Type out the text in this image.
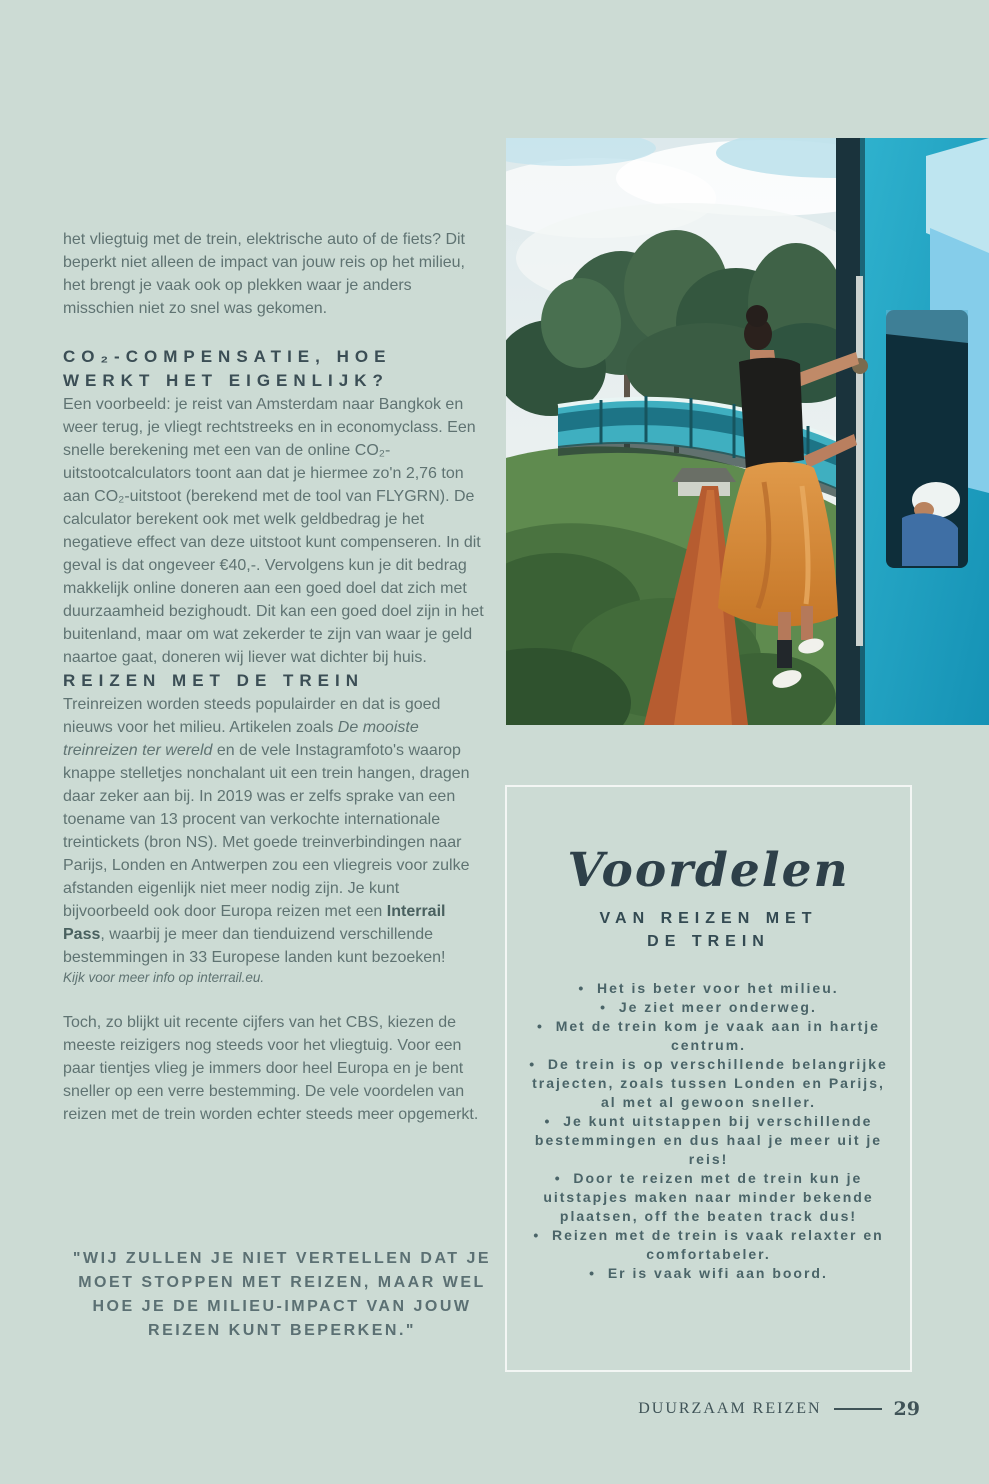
het vliegtuig met de trein, elektrische auto of de fiets? Dit beperkt niet alleen de impact van jouw reis op het milieu, het brengt je vaak ook op plekken waar je anders misschien niet zo snel was gekomen.

CO₂-COMPENSATIE, HOE WERKT HET EIGENLIJK?

Een voorbeeld: je reist van Amsterdam naar Bangkok en weer terug, je vliegt rechtstreeks en in economyclass. Een snelle berekening met een van de online CO₂-uitstootcalculators toont aan dat je hiermee zo'n 2,76 ton aan CO₂-uitstoot (berekend met de tool van FLYGRN). De calculator berekent ook met welk geldbedrag je het negatieve effect van deze uitstoot kunt compenseren. In dit geval is dat ongeveer €40,-. Vervolgens kun je dit bedrag makkelijk online doneren aan een goed doel dat zich met duurzaamheid bezighoudt. Dit kan een goed doel zijn in het buitenland, maar om wat zekerder te zijn van waar je geld naartoe gaat, doneren wij liever wat dichter bij huis.

REIZEN MET DE TREIN

Treinreizen worden steeds populairder en dat is goed nieuws voor het milieu. Artikelen zoals De mooiste treinreizen ter wereld en de vele Instagramfoto's waarop knappe stelletjes nonchalant uit een trein hangen, dragen daar zeker aan bij. In 2019 was er zelfs sprake van een toename van 13 procent van verkochte internationale treintickets (bron NS). Met goede treinverbindingen naar Parijs, Londen en Antwerpen zou een vliegreis voor zulke afstanden eigenlijk niet meer nodig zijn. Je kunt bijvoorbeeld ook door Europa reizen met een Interrail Pass, waarbij je meer dan tienduizend verschillende bestemmingen in 33 Europese landen kunt bezoeken!

Kijk voor meer info op interrail.eu.

Toch, zo blijkt uit recente cijfers van het CBS, kiezen de meeste reizigers nog steeds voor het vliegtuig. Voor een paar tientjes vlieg je immers door heel Europa en je bent sneller op een verre bestemming. De vele voordelen van reizen met de trein worden echter steeds meer opgemerkt.

"WIJ ZULLEN JE NIET VERTELLEN DAT JE MOET STOPPEN MET REIZEN, MAAR WEL HOE JE DE MILIEU-IMPACT VAN JOUW REIZEN KUNT BEPERKEN."
Voordelen
VAN REIZEN MET DE TREIN

•  Het is beter voor het milieu.

•  Je ziet meer onderweg.

•  Met de trein kom je vaak aan in hartje centrum.

•  De trein is op verschillende belangrijke trajecten, zoals tussen Londen en Parijs, al met al gewoon sneller.

•  Je kunt uitstappen bij verschillende bestemmingen en dus haal je meer uit je reis!

•  Door te reizen met de trein kun je uitstapjes maken naar minder bekende plaatsen, off the beaten track dus!

•  Reizen met de trein is vaak relaxter en comfortabeler.

•  Er is vaak wifi aan boord.

DUURZAAM REIZEN	29
